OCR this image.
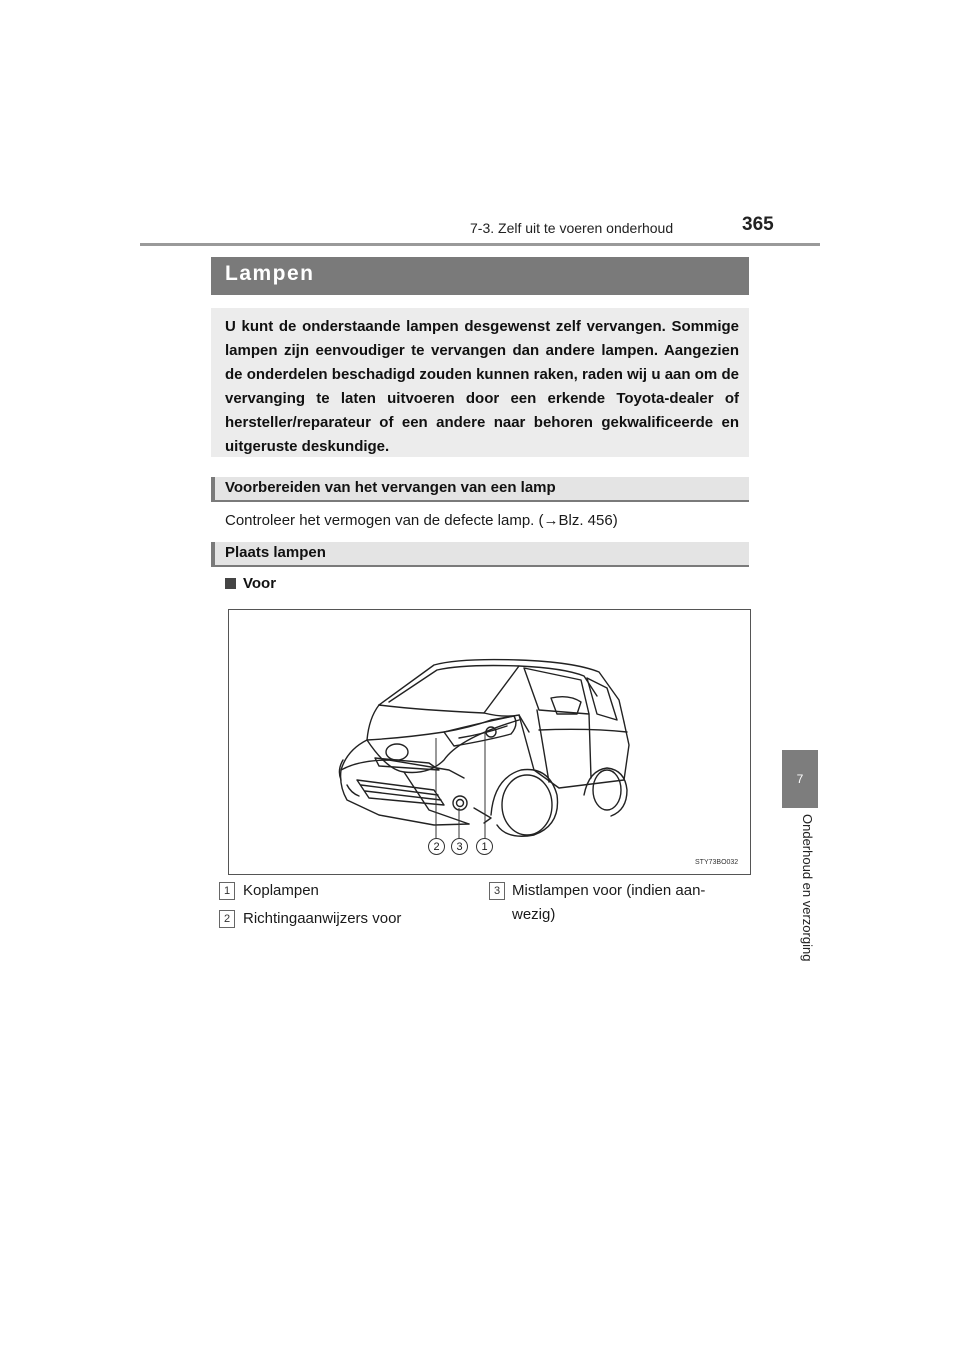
7-3. Zelf uit te voeren onderhoud	365
7
Onderhoud en verzorging
Lampen
U kunt de onderstaande lampen desgewenst zelf vervangen. Sommige lampen zijn eenvoudiger te vervangen dan andere lampen. Aangezien de onderdelen beschadigd zouden kunnen raken, raden wij u aan om de vervanging te laten uitvoeren door een erkende Toyota-dealer of hersteller/reparateur of een andere naar behoren gekwalificeerde en uitgeruste deskundige.
Voorbereiden van het vervangen van een lamp
Controleer het vermogen van de defecte lamp. (→Blz. 456)
Plaats lampen
Voor
2	3	1
STY73BO032
1 Koplampen
2 Richtingaanwijzers voor
3 Mistlampen voor (indien aan-
wezig)
